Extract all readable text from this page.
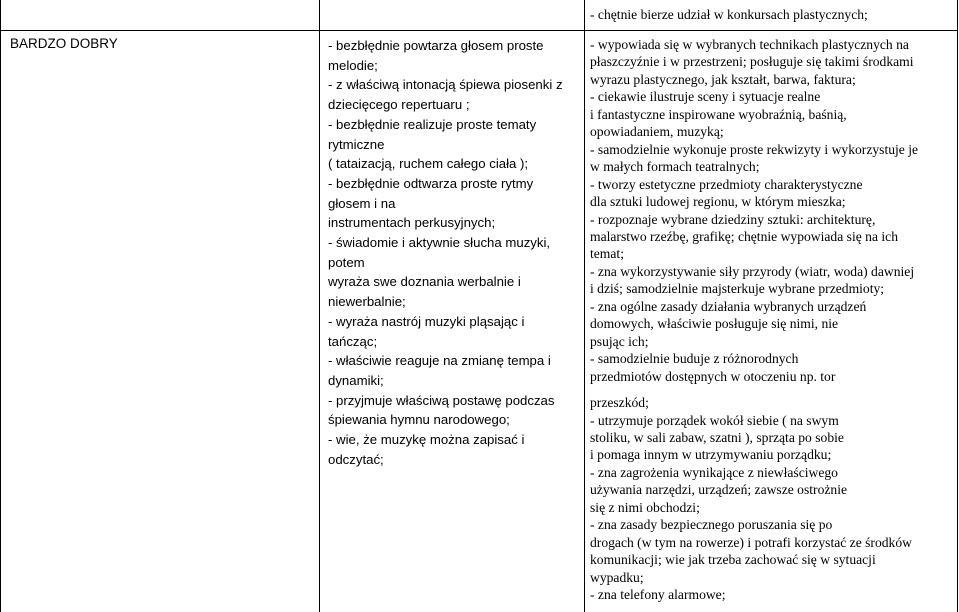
- chętnie bierze udział w konkursach plastycznych;
BARDZO DOBRY	- bezbłędnie powtarza głosem proste
melodie;
- z właściwą intonacją śpiewa piosenki z
dziecięcego repertuaru ;
- bezbłędnie realizuje proste tematy
rytmiczne
( tataizacją, ruchem całego ciała );
- bezbłędnie odtwarza proste rytmy
głosem i na
instrumentach perkusyjnych;
- świadomie i aktywnie słucha muzyki,
potem
wyraża swe doznania werbalnie i
niewerbalnie;
- wyraża nastrój muzyki pląsając i
tańcząc;
- właściwie reaguje na zmianę tempa i
dynamiki;
- przyjmuje właściwą postawę podczas
śpiewania hymnu narodowego;
- wie, że muzykę można zapisać i
odczytać;
- wypowiada się w wybranych technikach plastycznych na
płaszczyźnie i w przestrzeni; posługuje się takimi środkami
wyrazu plastycznego, jak kształt, barwa, faktura;
- ciekawie ilustruje sceny i sytuacje realne
i fantastyczne inspirowane wyobraźnią, baśnią,
opowiadaniem, muzyką;
- samodzielnie wykonuje proste rekwizyty i wykorzystuje je
w małych formach teatralnych;
- tworzy estetyczne przedmioty charakterystyczne
dla sztuki ludowej regionu, w którym mieszka;
- rozpoznaje wybrane dziedziny sztuki: architekturę,
malarstwo rzeźbę, grafikę; chętnie wypowiada się na ich
temat;
- zna wykorzystywanie siły przyrody (wiatr, woda) dawniej
i dziś; samodzielnie majsterkuje wybrane przedmioty;
- zna ogólne zasady działania wybranych urządzeń
domowych, właściwie posługuje się nimi, nie
psując ich;
- samodzielnie buduje z różnorodnych
przedmiotów dostępnych w otoczeniu np. tor
przeszkód;
- utrzymuje porządek wokół siebie ( na swym
stoliku, w sali zabaw, szatni ), sprząta po sobie
i pomaga innym w utrzymywaniu porządku;
- zna zagrożenia wynikające z niewłaściwego
używania narzędzi, urządzeń; zawsze ostrożnie
się z nimi obchodzi;
- zna zasady bezpiecznego poruszania się po
drogach (w tym na rowerze) i potrafi korzystać ze środków
komunikacji; wie jak trzeba zachować się w sytuacji
wypadku;
- zna telefony alarmowe;
